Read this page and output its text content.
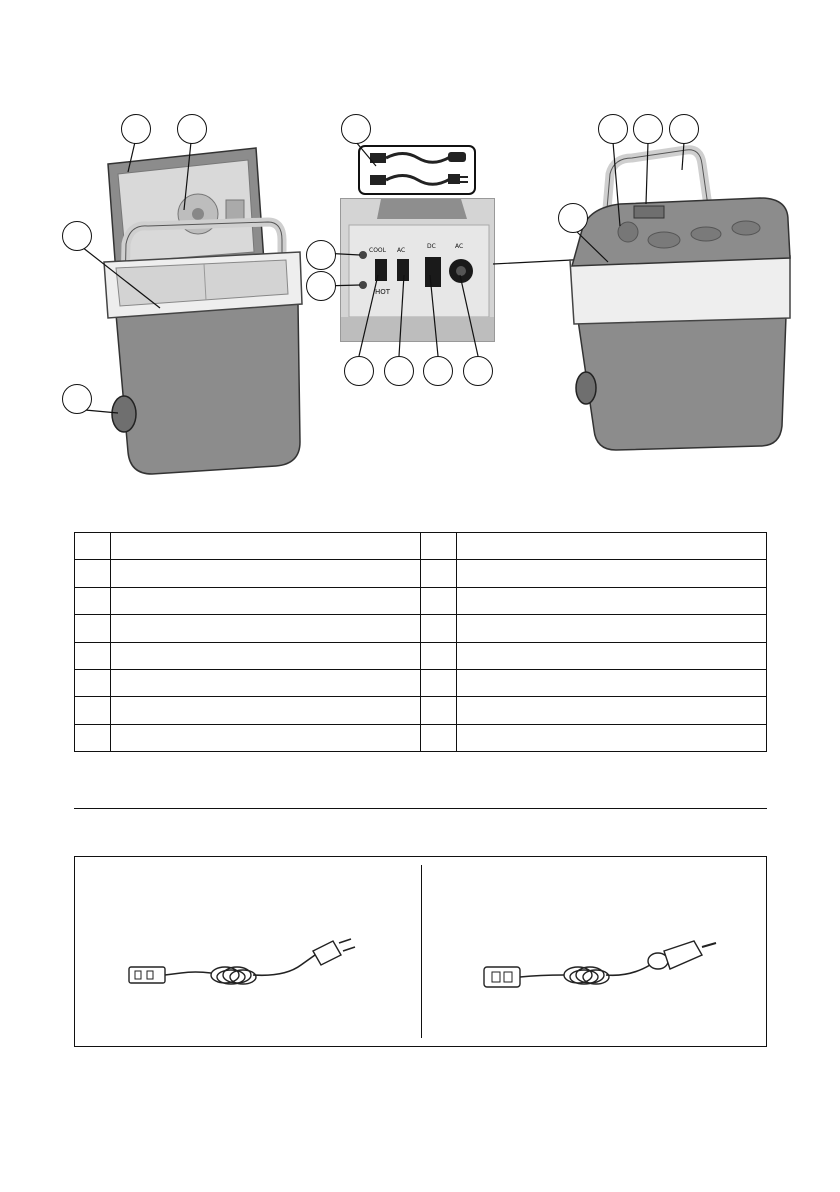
COOL
HOT
AC
DC	AC
